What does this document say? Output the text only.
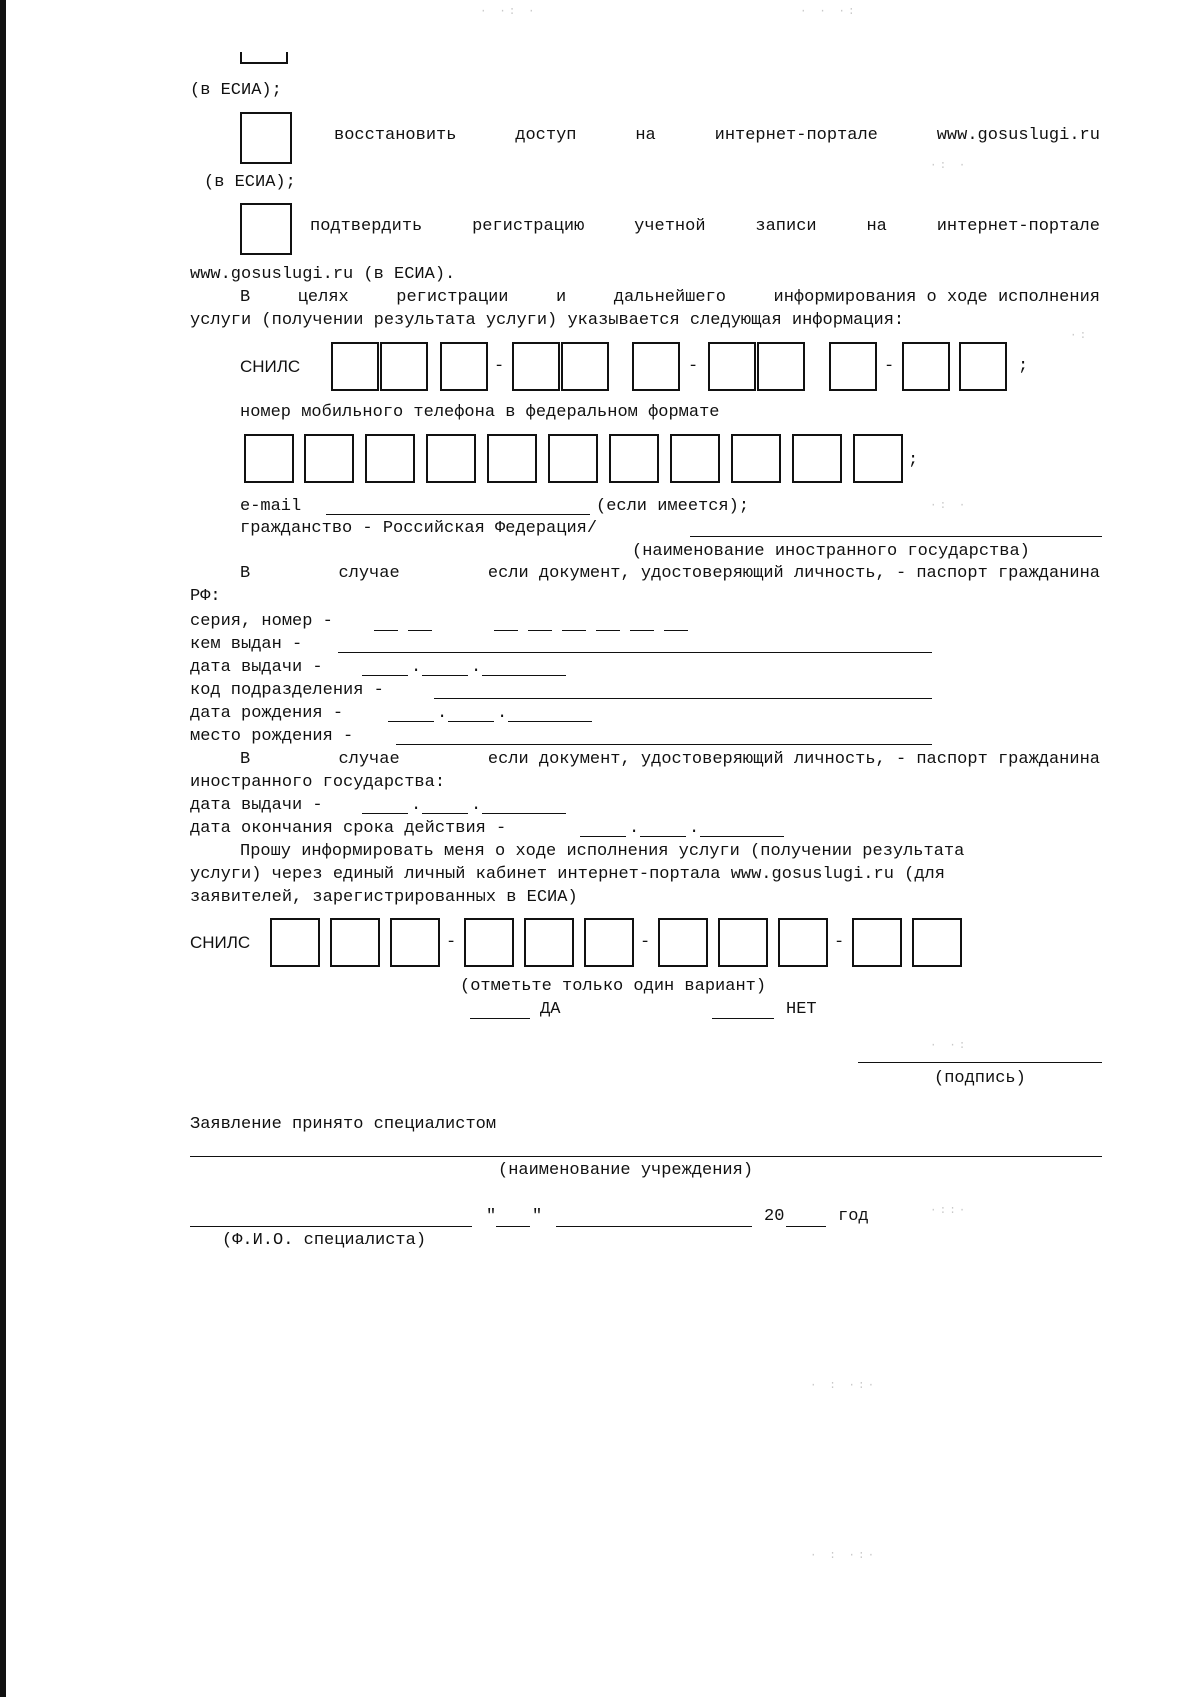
· ·: ·	· · ·:
·: ·
·:
·: ·
· ·:
·::·
· : ·:·
· : ·:·
(в ЕСИА);
восстановить	доступ	на	интернет-портале	www.gosuslugi.ru
(в ЕСИА);
подтвердить	регистрацию	учетной	записи	на	интернет-портале
www.gosuslugi.ru (в ЕСИА).
В	целях	регистрации	и	дальнейшего	информирования о ходе исполнения
услуги (получении результата услуги) указывается следующая информация:
СНИЛС	-	-	-	;
номер мобильного телефона в федеральном формате
;
e-mail	(если имеется);
гражданство - Российская Федерация/
(наименование иностранного государства)
В	случае	если документ, удостоверяющий личность, - паспорт гражданина
РФ:
серия, номер -
кем выдан -
дата выдачи -	.	.
код подразделения -
дата рождения -	.	.
место рождения -
В	случае	если документ, удостоверяющий личность, - паспорт гражданина
иностранного государства:
дата выдачи -	.	.
дата окончания срока действия -	.	.
Прошу информировать меня о ходе исполнения услуги (получении результата
услуги) через единый личный кабинет интернет-портала www.gosuslugi.ru (для
заявителей, зарегистрированных в ЕСИА)
СНИЛС	-	-	-
(отметьте только один вариант)
ДА	НЕТ
(подпись)
Заявление принято специалистом
(наименование учреждения)
" "	20	год
(Ф.И.О. специалиста)
